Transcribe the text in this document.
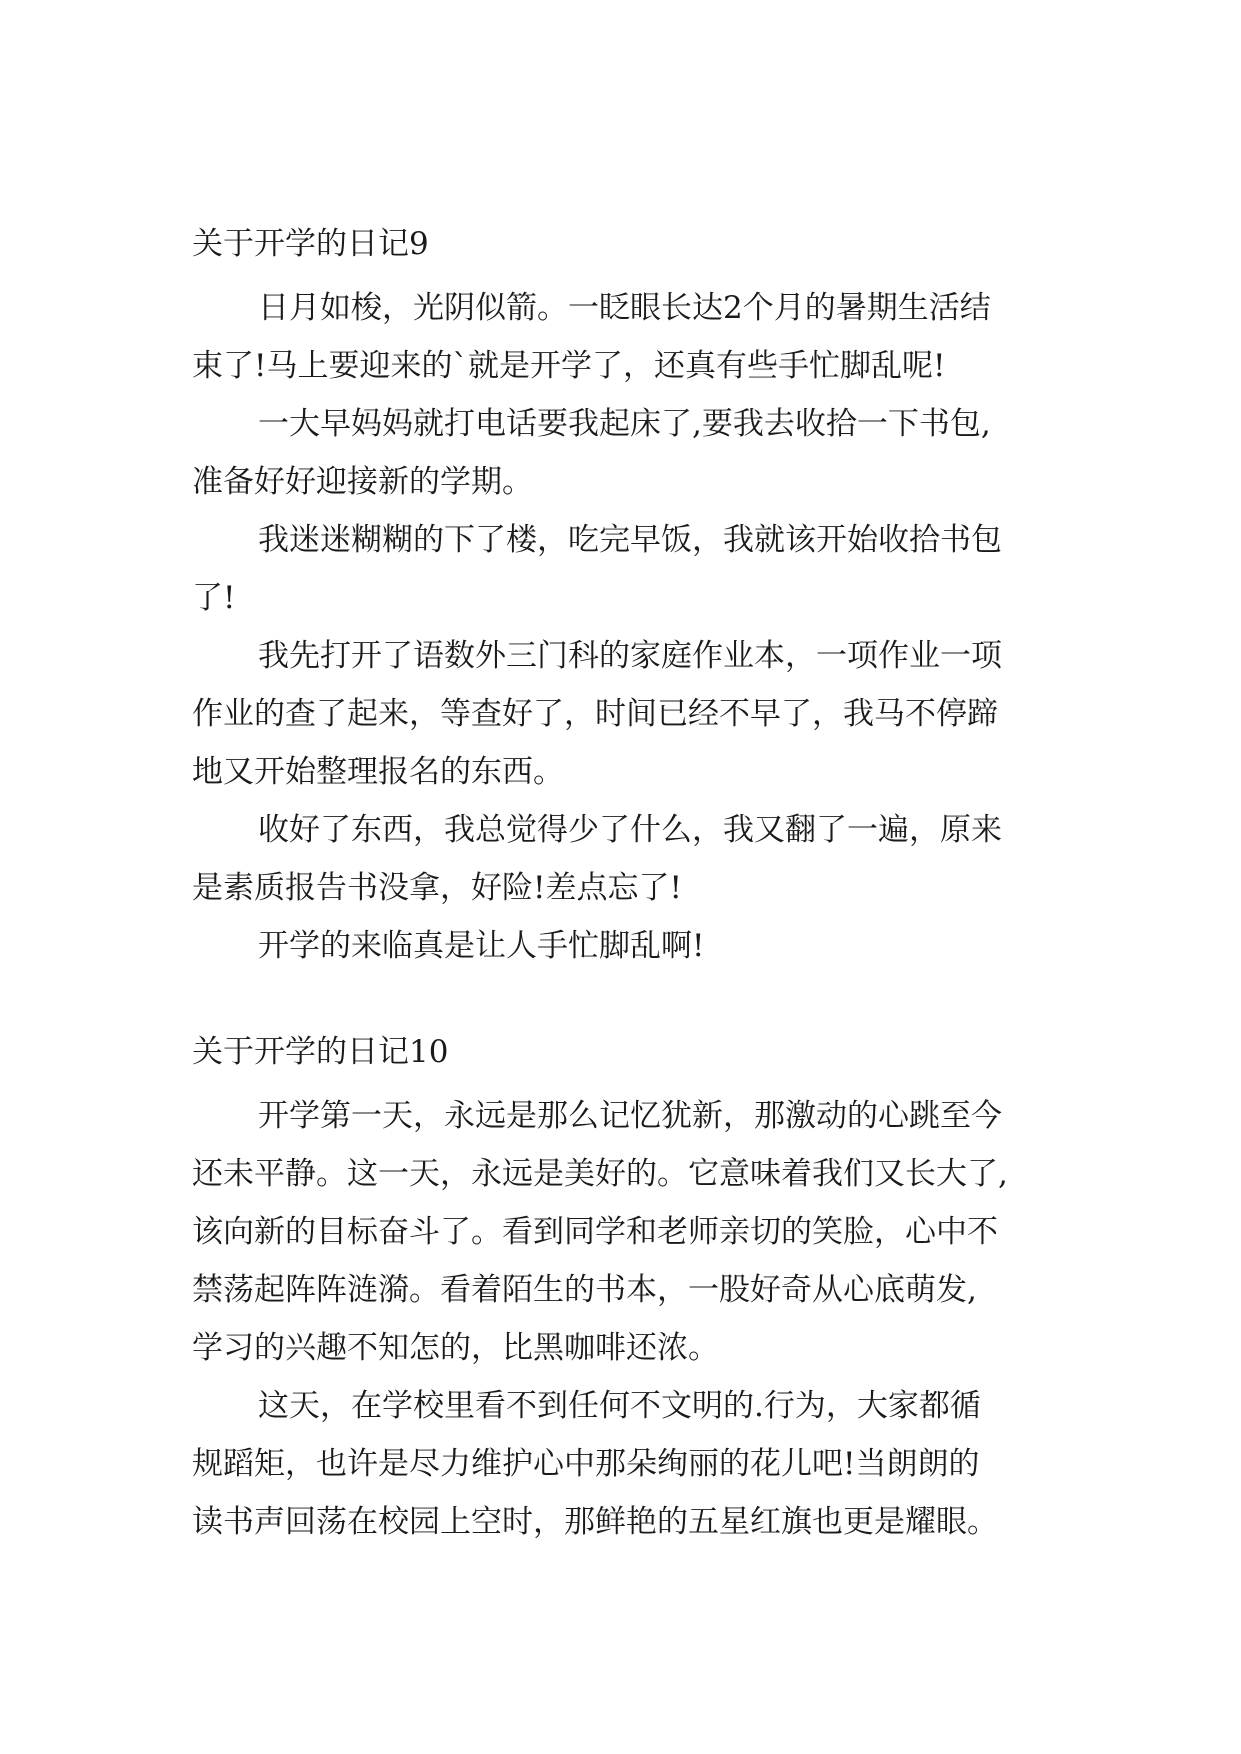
关于开学的日记9

日月如梭，光阴似箭。一眨眼长达2个月的暑期生活结

束了!马上要迎来的`就是开学了，还真有些手忙脚乱呢!

一大早妈妈就打电话要我起床了,要我去收拾一下书包,

准备好好迎接新的学期。

我迷迷糊糊的下了楼，吃完早饭，我就该开始收拾书包

了!

我先打开了语数外三门科的家庭作业本，一项作业一项

作业的查了起来，等查好了，时间已经不早了，我马不停蹄

地又开始整理报名的东西。

收好了东西，我总觉得少了什么，我又翻了一遍，原来

是素质报告书没拿，好险!差点忘了!

开学的来临真是让人手忙脚乱啊!

关于开学的日记10

开学第一天，永远是那么记忆犹新，那激动的心跳至今

还未平静。这一天，永远是美好的。它意味着我们又长大了,

该向新的目标奋斗了。看到同学和老师亲切的笑脸，心中不

禁荡起阵阵涟漪。看着陌生的书本，一股好奇从心底萌发,

学习的兴趣不知怎的，比黑咖啡还浓。

这天，在学校里看不到任何不文明的.行为，大家都循

规蹈矩，也许是尽力维护心中那朵绚丽的花儿吧!当朗朗的

读书声回荡在校园上空时，那鲜艳的五星红旗也更是耀眼。
